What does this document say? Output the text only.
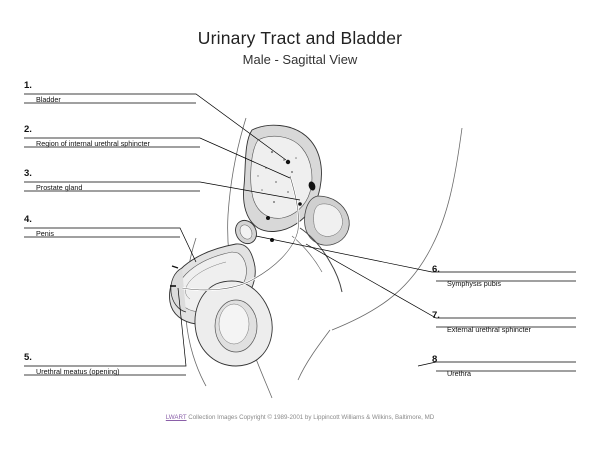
Urinary Tract and Bladder
Male - Sagittal View
1.
Bladder
2.
Region of internal urethral sphincter
3.
Prostate gland
4.
Penis
5.
Urethral meatus (opening)
6.
Symphysis pubis
7.
External urethral sphincter
8
Urethra
LWART Collection Images Copyright © 1989-2001 by Lippincott Williams & Wilkins, Baltimore, MD
